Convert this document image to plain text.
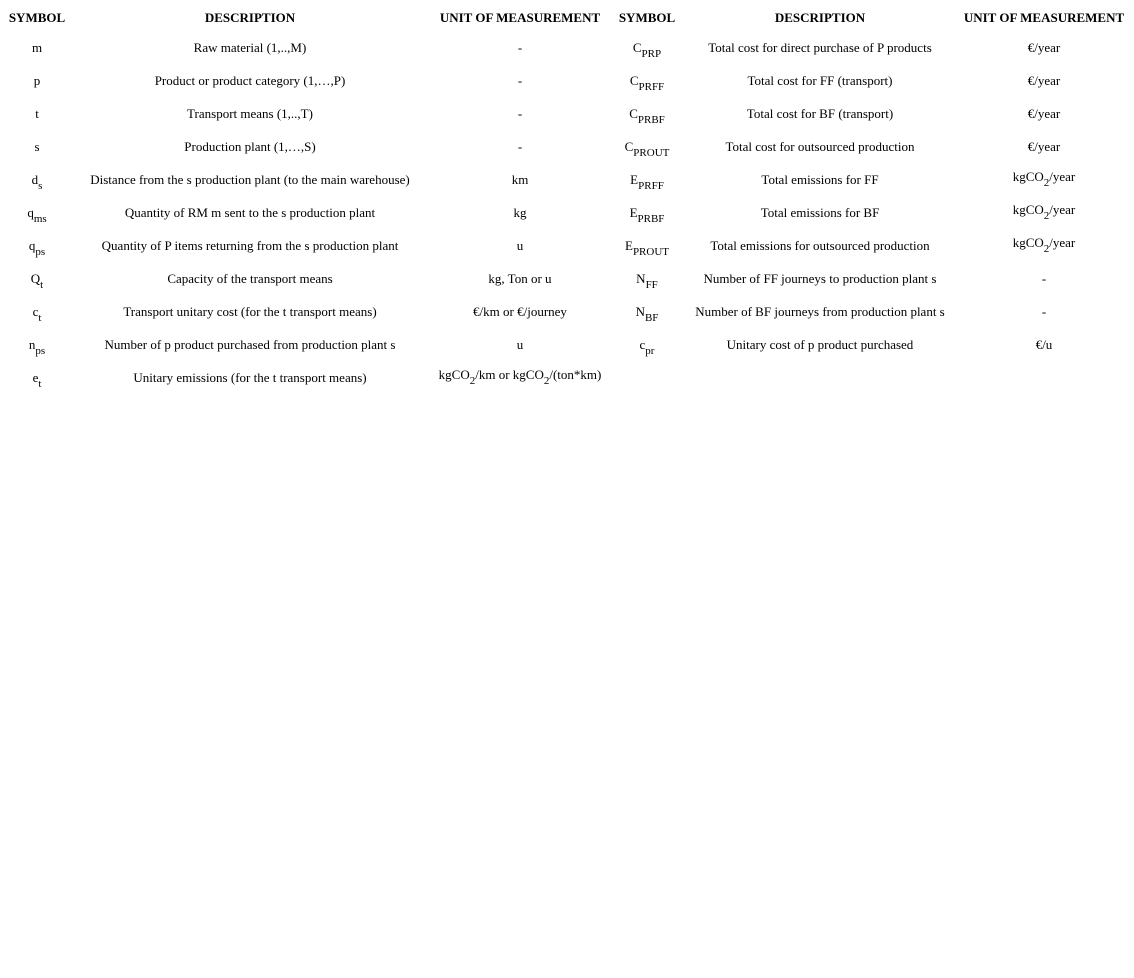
SYMBOL	DESCRIPTION	UNIT OF MEASUREMENT	SYMBOL	DESCRIPTION	UNIT OF MEASUREMENT
m	Raw material (1,..,M)	-	$C_{PRP}$	Total cost for direct purchase of P products	€/year
p	Product or product category (1,…,P)	-	$C_{PRFF}$	Total cost for FF (transport)	€/year
t	Transport means (1,..,T)	-	$C_{PRBF}$	Total cost for BF (transport)	€/year
s	Production plant (1,…,S)	-	$C_{PROUT}$	Total cost for outsourced production	€/year
$d_s$	Distance from the s production plant (to the main warehouse)	km	$E_{PRFF}$	Total emissions for FF	kgCO$_2$/year
$q_{ms}$	Quantity of RM m sent to the s production plant	kg	$E_{PRBF}$	Total emissions for BF	kgCO$_2$/year
$q_{ps}$	Quantity of P items returning from the s production plant	u	$E_{PROUT}$	Total emissions for outsourced production	kgCO$_2$/year
$Q_t$	Capacity of the transport means	kg, Ton or u	$N_{FF}$	Number of FF journeys to production plant s	-
$c_t$	Transport unitary cost (for the t transport means)	€/km or €/journey	$N_{BF}$	Number of BF journeys from production plant s	-
$n_{ps}$	Number of p product purchased from production plant s	u	$c_{pr}$	Unitary cost of p product purchased	€/u
$e_t$	Unitary emissions (for the t transport means)	kgCO$_2$/km or kgCO$_2$/(ton*km)			
